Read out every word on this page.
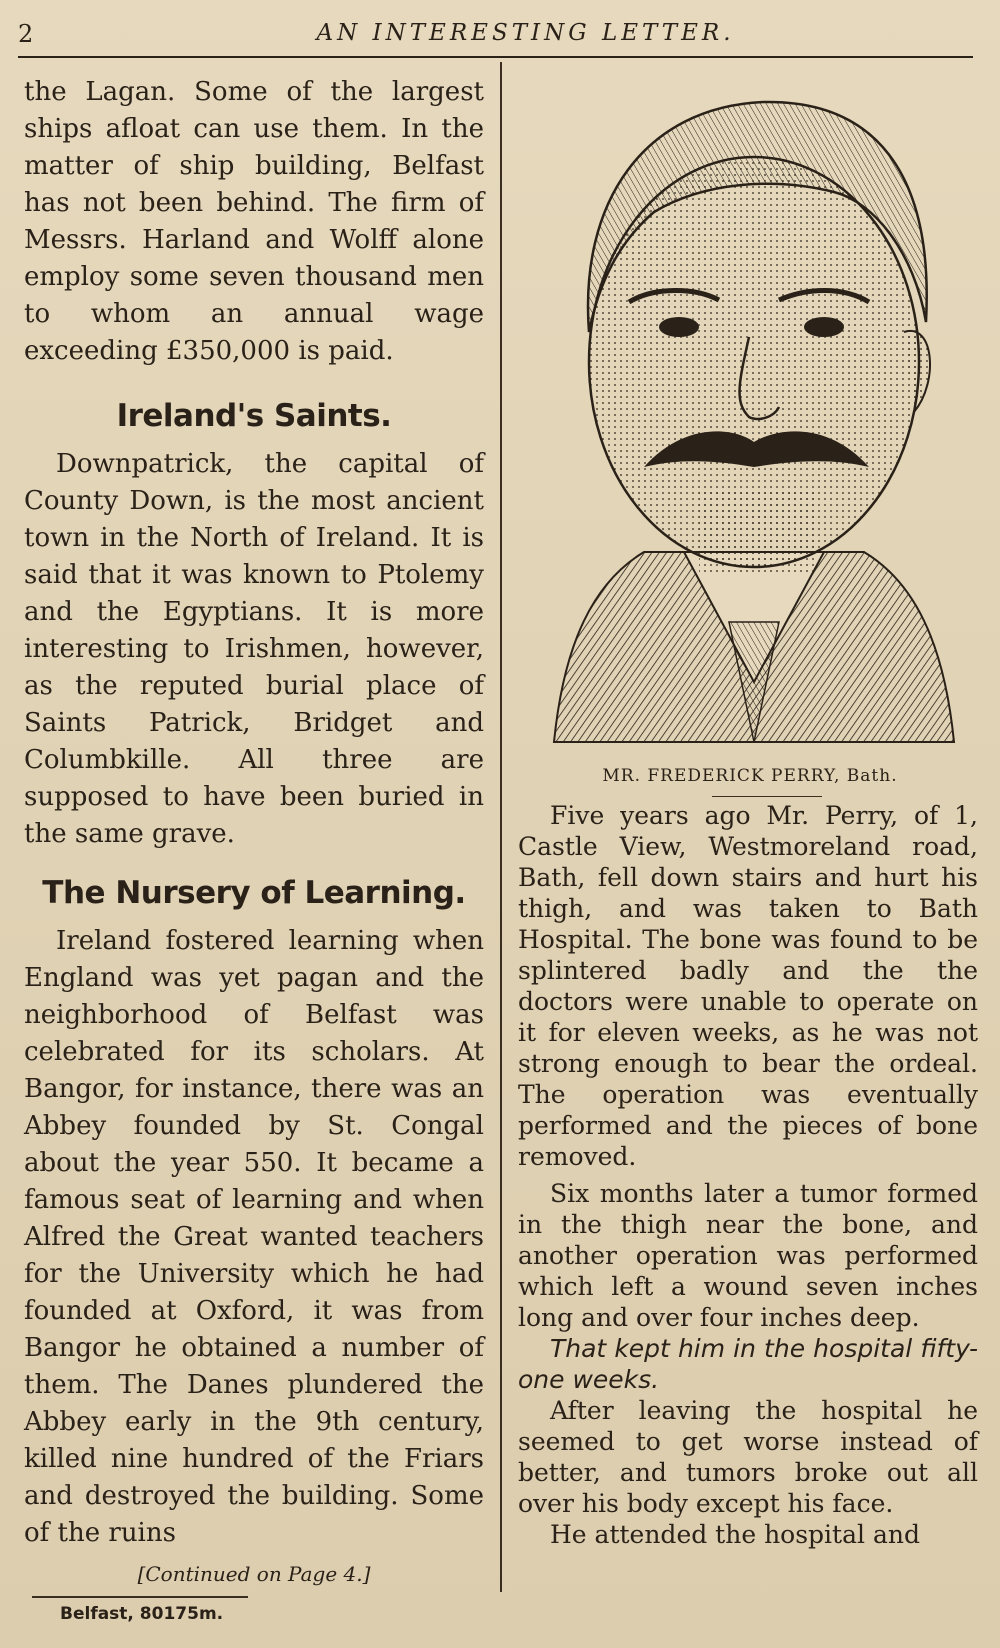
2	AN INTERESTING LETTER.

the Lagan. Some of the largest ships afloat can use them. In the matter of ship building, Belfast has not been behind. The firm of Messrs. Harland and Wolff alone employ some seven thousand men to whom an annual wage exceeding £350,000 is paid.

Ireland's Saints.

Downpatrick, the capital of County Down, is the most ancient town in the North of Ireland. It is said that it was known to Ptolemy and the Egyptians. It is more interesting to Irishmen, however, as the reputed burial place of Saints Patrick, Bridget and Columbkille. All three are supposed to have been buried in the same grave.

The Nursery of Learning.

Ireland fostered learning when England was yet pagan and the neighborhood of Belfast was celebrated for its scholars. At Bangor, for instance, there was an Abbey founded by St. Congal about the year 550. It became a famous seat of learning and when Alfred the Great wanted teachers for the University which he had founded at Oxford, it was from Bangor he obtained a number of them. The Danes plundered the Abbey early in the 9th century, killed nine hundred of the Friars and destroyed the building. Some of the ruins

[Continued on Page 4.]
Belfast, 80175m.
MR. FREDERICK PERRY, Bath.

Five years ago Mr. Perry, of 1, Castle View, Westmoreland road, Bath, fell down stairs and hurt his thigh, and was taken to Bath Hospital. The bone was found to be splintered badly and the the doctors were unable to operate on it for eleven weeks, as he was not strong enough to bear the ordeal. The operation was eventually performed and the pieces of bone removed.

Six months later a tumor formed in the thigh near the bone, and another operation was performed which left a wound seven inches long and over four inches deep.

That kept him in the hospital fifty-one weeks.

After leaving the hospital he seemed to get worse instead of better, and tumors broke out all over his body except his face.

He attended the hospital and
